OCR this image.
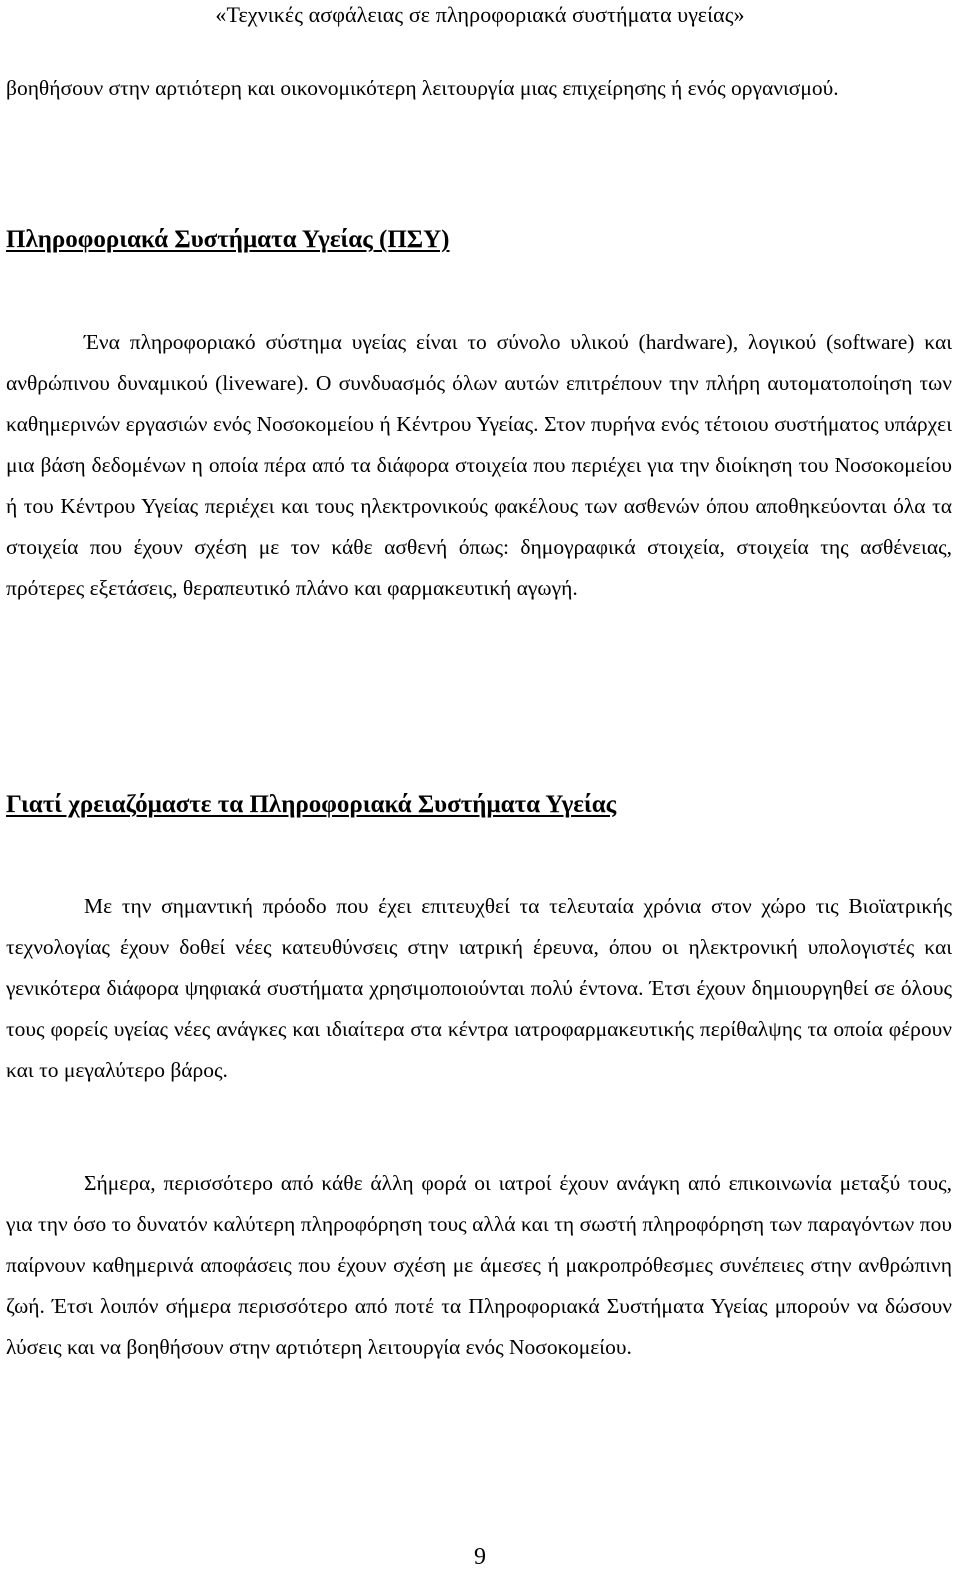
«Τεχνικές ασφάλειας σε πληροφοριακά συστήματα υγείας»

βοηθήσουν στην αρτιότερη και οικονομικότερη λειτουργία μιας επιχείρησης ή ενός οργανισμού.

Πληροφοριακά Συστήματα Υγείας (ΠΣΥ)

Ένα πληροφοριακό σύστημα υγείας είναι το σύνολο υλικού (hardware), λογικού (software) και ανθρώπινου δυναμικού (liveware). Ο συνδυασμός όλων αυτών επιτρέπουν την πλήρη αυτοματοποίηση των καθημερινών εργασιών ενός Νοσοκομείου ή Κέντρου Υγείας. Στον πυρήνα ενός τέτοιου συστήματος υπάρχει μια βάση δεδομένων η οποία πέρα από τα διάφορα στοιχεία που περιέχει για την διοίκηση του Νοσοκομείου ή του Κέντρου Υγείας περιέχει και τους ηλεκτρονικούς φακέλους των ασθενών όπου αποθηκεύονται όλα τα στοιχεία που έχουν σχέση με τον κάθε ασθενή όπως: δημογραφικά στοιχεία, στοιχεία της ασθένειας, πρότερες εξετάσεις, θεραπευτικό πλάνο και φαρμακευτική αγωγή.

Γιατί χρειαζόμαστε τα Πληροφοριακά Συστήματα Υγείας

Με την σημαντική πρόοδο που έχει επιτευχθεί τα τελευταία χρόνια στον χώρο τις Βιοϊατρικής τεχνολογίας έχουν δοθεί νέες κατευθύνσεις στην ιατρική έρευνα, όπου οι ηλεκτρονική υπολογιστές και γενικότερα διάφορα ψηφιακά συστήματα χρησιμοποιούνται πολύ έντονα. Έτσι έχουν δημιουργηθεί σε όλους τους φορείς υγείας νέες ανάγκες και ιδιαίτερα στα κέντρα ιατροφαρμακευτικής περίθαλψης τα οποία φέρουν και το μεγαλύτερο βάρος.

Σήμερα, περισσότερο από κάθε άλλη φορά οι ιατροί έχουν ανάγκη από επικοινωνία μεταξύ τους, για την όσο το δυνατόν καλύτερη πληροφόρηση τους αλλά και τη σωστή πληροφόρηση των παραγόντων που παίρνουν καθημερινά αποφάσεις που έχουν σχέση με άμεσες ή μακροπρόθεσμες συνέπειες στην ανθρώπινη ζωή. Έτσι λοιπόν σήμερα περισσότερο από ποτέ τα Πληροφοριακά Συστήματα Υγείας μπορούν να δώσουν λύσεις και να βοηθήσουν στην αρτιότερη λειτουργία ενός Νοσοκομείου.

9
